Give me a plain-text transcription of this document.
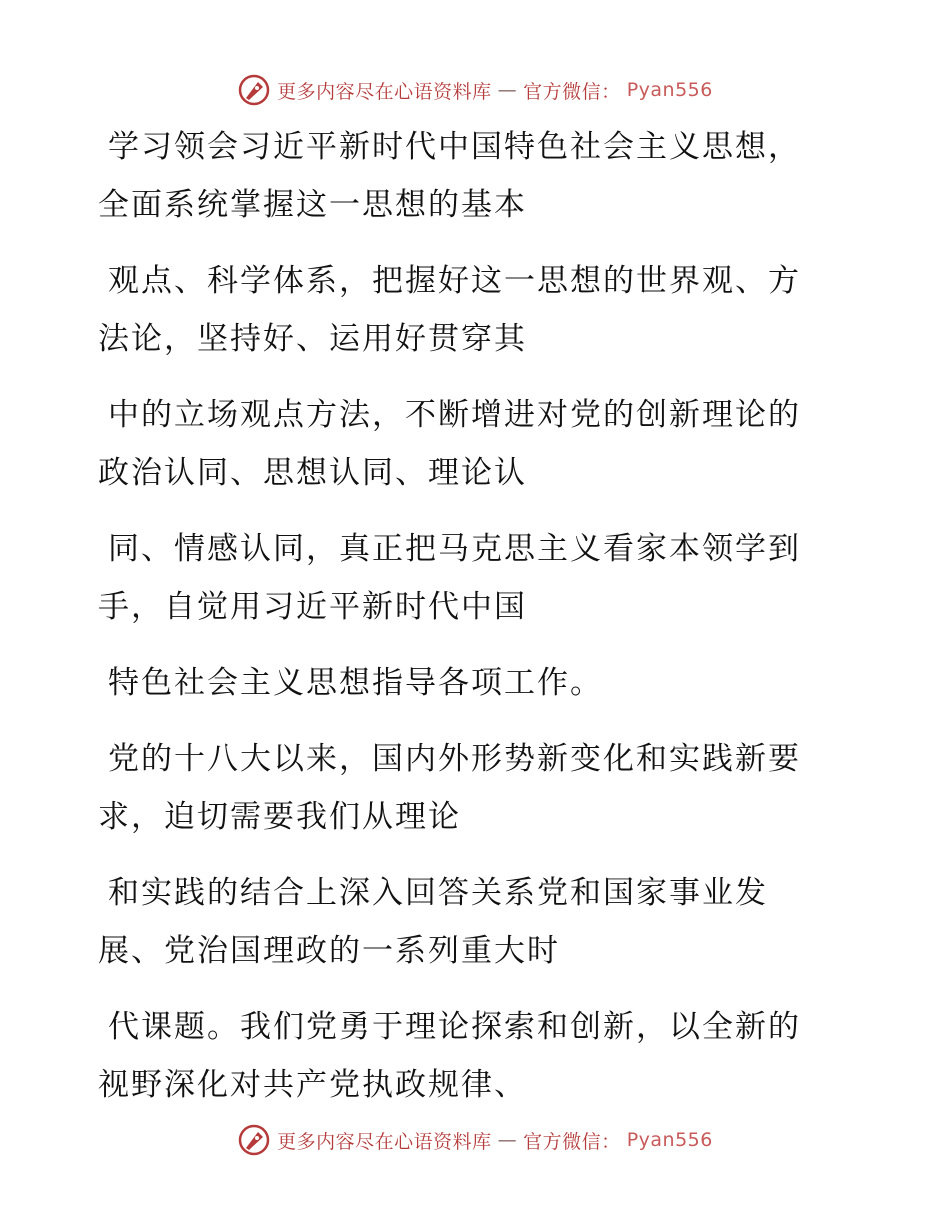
更多内容尽在心语资料库 — 官方微信： Pyan556

学习领会习近平新时代中国特色社会主义思想，
全面系统掌握这一思想的基本

观点、科学体系，把握好这一思想的世界观、方
法论，坚持好、运用好贯穿其

中的立场观点方法，不断增进对党的创新理论的
政治认同、思想认同、理论认

同、情感认同，真正把马克思主义看家本领学到
手，自觉用习近平新时代中国

特色社会主义思想指导各项工作。

党的十八大以来，国内外形势新变化和实践新要
求，迫切需要我们从理论

和实践的结合上深入回答关系党和国家事业发
展、党治国理政的一系列重大时

代课题。我们党勇于理论探索和创新，以全新的
视野深化对共产党执政规律、

更多内容尽在心语资料库 — 官方微信： Pyan556
